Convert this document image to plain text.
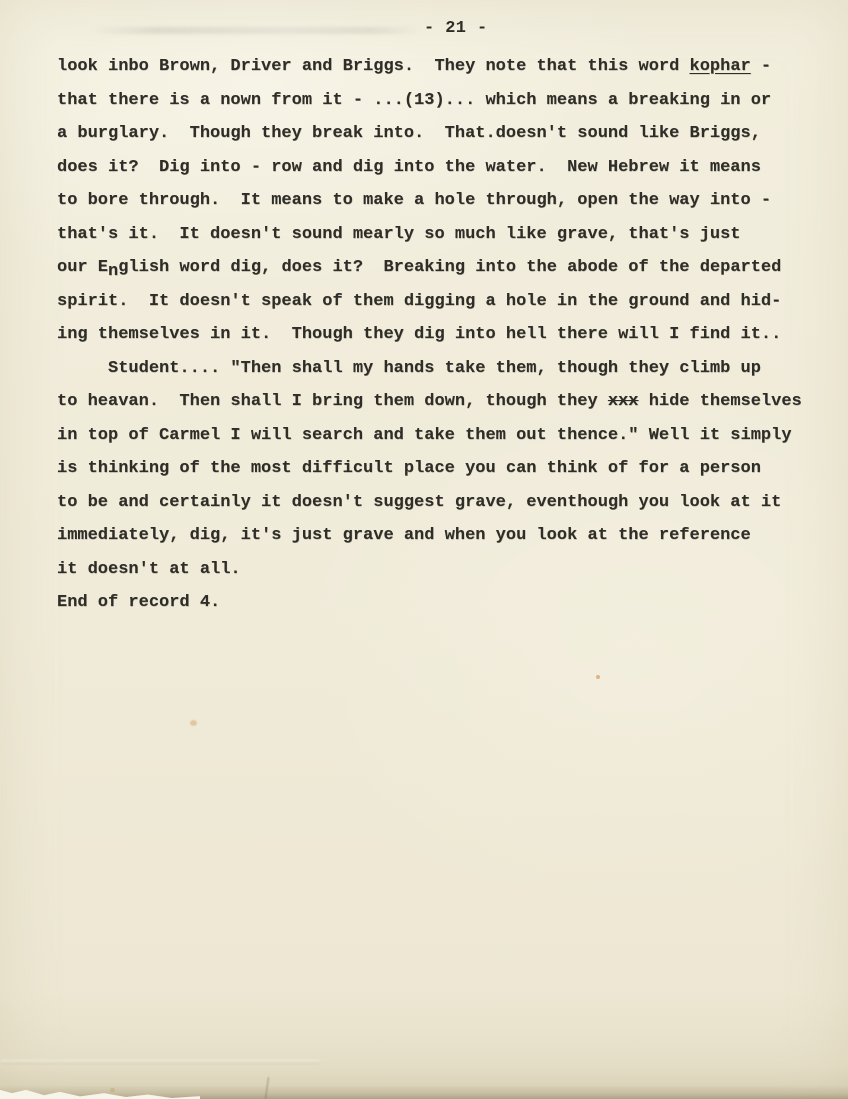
- 21 -
look inbo Brown, Driver and Briggs.  They note that this word kophar -
that there is a nown from it - ...(13)... which means a breaking in or
a burglary.  Though they break into.  That.doesn't sound like Briggs,
does it?  Dig into - row and dig into the water.  New Hebrew it means
to bore through.  It means to make a hole through, open the way into -
that's it.  It doesn't sound mearly so much like grave, that's just
our English word dig, does it?  Breaking into the abode of the departed
spirit.  It doesn't speak of them digging a hole in the ground and hid-
ing themselves in it.  Though they dig into hell there will I find it..
Student.... "Then shall my hands take them, though they climb up
to heavan.  Then shall I bring them down, though they xxx hide themselves
in top of Carmel I will search and take them out thence." Well it simply
is thinking of the most difficult place you can think of for a person
to be and certainly it doesn't suggest grave, eventhough you look at it
immediately, dig, it's just grave and when you look at the reference
it doesn't at all.
End of record 4.
